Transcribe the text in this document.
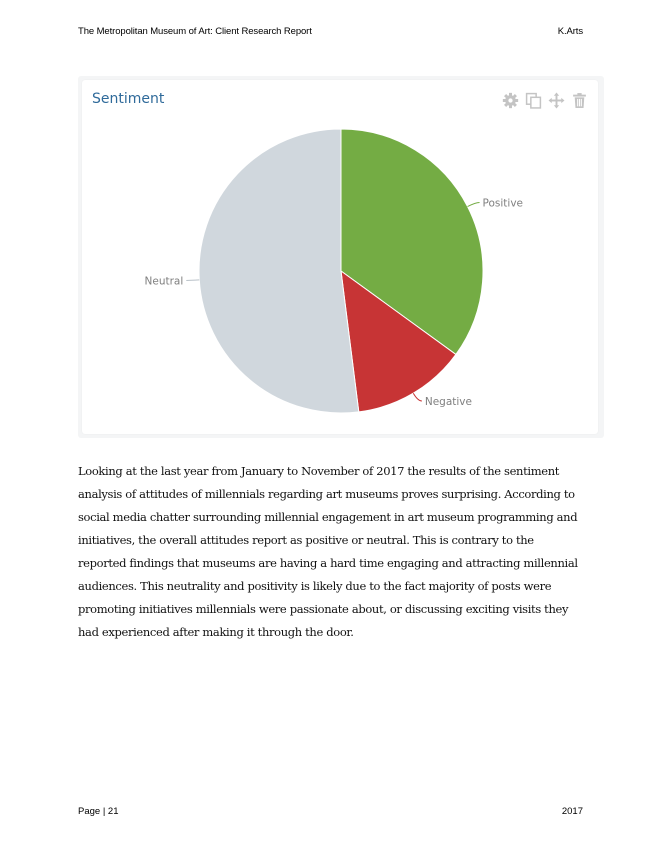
The Metropolitan Museum of Art: Client Research Report	K.Arts
Positive
Negative
Neutral
Sentiment
Looking at the last year from January to November of 2017 the results of the sentiment
analysis of attitudes of millennials regarding art museums proves surprising. According to
social media chatter surrounding millennial engagement in art museum programming and
initiatives, the overall attitudes report as positive or neutral. This is contrary to the
reported findings that museums are having a hard time engaging and attracting millennial
audiences. This neutrality and positivity is likely due to the fact majority of posts were
promoting initiatives millennials were passionate about, or discussing exciting visits they
had experienced after making it through the door.
Page | 21	2017
